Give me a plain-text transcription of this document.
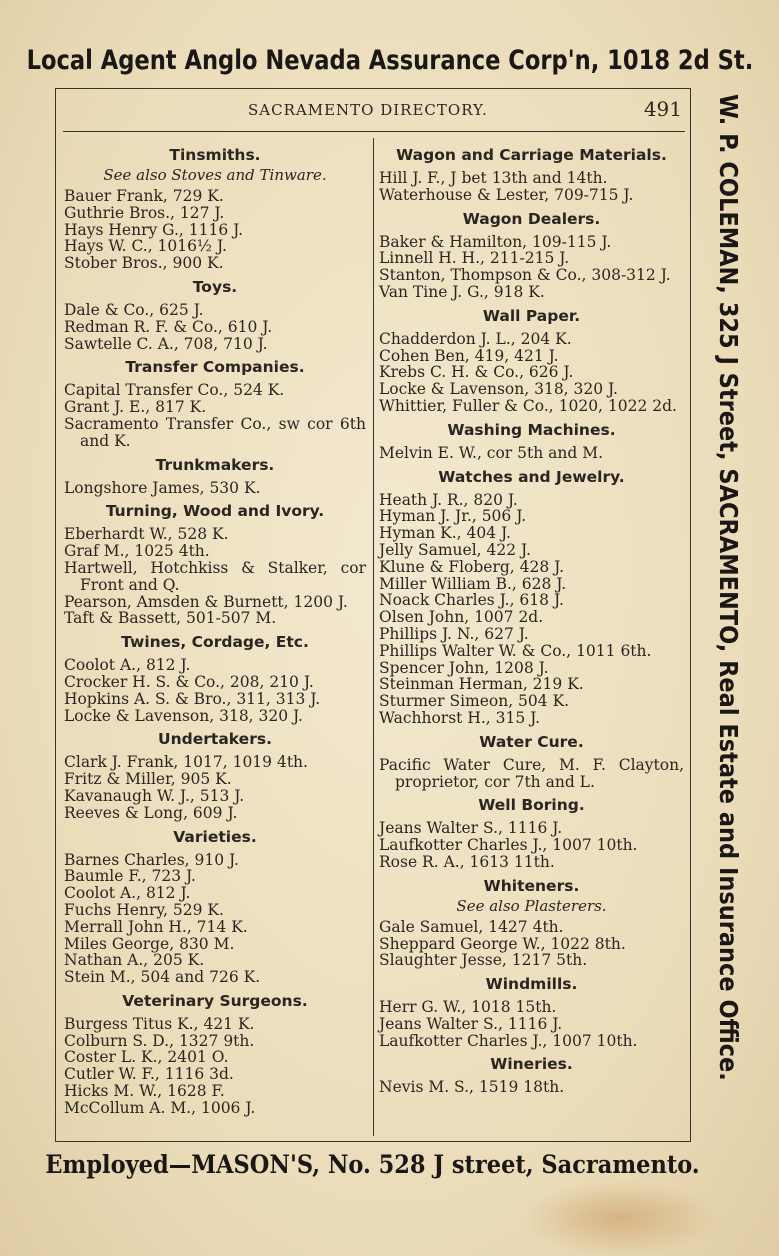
Local Agent Anglo Nevada Assurance Corp'n, 1018 2d St.
W. P. COLEMAN, 325 J Street, SACRAMENTO, Real Estate and Insurance Office.
SACRAMENTO DIRECTORY.	491
Tinsmiths.
See also Stoves and Tinware.
Bauer Frank, 729 K.
Guthrie Bros., 127 J.
Hays Henry G., 1116 J.
Hays W. C., 1016½ J.
Stober Bros., 900 K.
Toys.
Dale & Co., 625 J.
Redman R. F. & Co., 610 J.
Sawtelle C. A., 708, 710 J.
Transfer Companies.
Capital Transfer Co., 524 K.
Grant J. E., 817 K.
Sacramento Transfer Co., sw cor 6th and K.
Trunkmakers.
Longshore James, 530 K.
Turning, Wood and Ivory.
Eberhardt W., 528 K.
Graf M., 1025 4th.
Hartwell, Hotchkiss & Stalker, cor Front and Q.
Pearson, Amsden & Burnett, 1200 J.
Taft & Bassett, 501-507 M.
Twines, Cordage, Etc.
Coolot A., 812 J.
Crocker H. S. & Co., 208, 210 J.
Hopkins A. S. & Bro., 311, 313 J.
Locke & Lavenson, 318, 320 J.
Undertakers.
Clark J. Frank, 1017, 1019 4th.
Fritz & Miller, 905 K.
Kavanaugh W. J., 513 J.
Reeves & Long, 609 J.
Varieties.
Barnes Charles, 910 J.
Baumle F., 723 J.
Coolot A., 812 J.
Fuchs Henry, 529 K.
Merrall John H., 714 K.
Miles George, 830 M.
Nathan A., 205 K.
Stein M., 504 and 726 K.
Veterinary Surgeons.
Burgess Titus K., 421 K.
Colburn S. D., 1327 9th.
Coster L. K., 2401 O.
Cutler W. F., 1116 3d.
Hicks M. W., 1628 F.
McCollum A. M., 1006 J.
Wagon and Carriage Materials.
Hill J. F., J bet 13th and 14th.
Waterhouse & Lester, 709-715 J.
Wagon Dealers.
Baker & Hamilton, 109-115 J.
Linnell H. H., 211-215 J.
Stanton, Thompson & Co., 308-312 J.
Van Tine J. G., 918 K.
Wall Paper.
Chadderdon J. L., 204 K.
Cohen Ben, 419, 421 J.
Krebs C. H. & Co., 626 J.
Locke & Lavenson, 318, 320 J.
Whittier, Fuller & Co., 1020, 1022 2d.
Washing Machines.
Melvin E. W., cor 5th and M.
Watches and Jewelry.
Heath J. R., 820 J.
Hyman J. Jr., 506 J.
Hyman K., 404 J.
Jelly Samuel, 422 J.
Klune & Floberg, 428 J.
Miller William B., 628 J.
Noack Charles J., 618 J.
Olsen John, 1007 2d.
Phillips J. N., 627 J.
Phillips Walter W. & Co., 1011 6th.
Spencer John, 1208 J.
Steinman Herman, 219 K.
Sturmer Simeon, 504 K.
Wachhorst H., 315 J.
Water Cure.
Pacific Water Cure, M. F. Clayton, proprietor, cor 7th and L.
Well Boring.
Jeans Walter S., 1116 J.
Laufkotter Charles J., 1007 10th.
Rose R. A., 1613 11th.
Whiteners.
See also Plasterers.
Gale Samuel, 1427 4th.
Sheppard George W., 1022 8th.
Slaughter Jesse, 1217 5th.
Windmills.
Herr G. W., 1018 15th.
Jeans Walter S., 1116 J.
Laufkotter Charles J., 1007 10th.
Wineries.
Nevis M. S., 1519 18th.
Employed—MASON'S, No. 528 J street, Sacramento.
